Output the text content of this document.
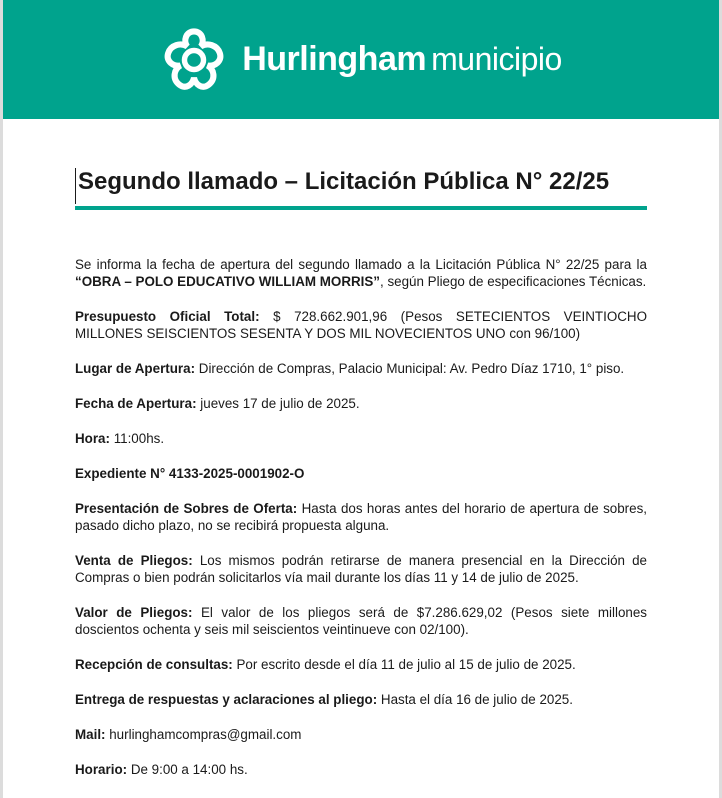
Hurlingham municipio
Segundo llamado – Licitación Pública N° 22/25

Se informa la fecha de apertura del segundo llamado a la Licitación Pública N° 22/25 para la “OBRA – POLO EDUCATIVO WILLIAM MORRIS”, según Pliego de especificaciones Técnicas.

Presupuesto Oficial Total: $ 728.662.901,96 (Pesos SETECIENTOS VEINTIOCHO MILLONES SEISCIENTOS SESENTA Y DOS MIL NOVECIENTOS UNO con 96/100)

Lugar de Apertura: Dirección de Compras, Palacio Municipal: Av. Pedro Díaz 1710, 1° piso.

Fecha de Apertura: jueves 17 de julio de 2025.

Hora: 11:00hs.

Expediente N° 4133-2025-0001902-O

Presentación de Sobres de Oferta: Hasta dos horas antes del horario de apertura de sobres, pasado dicho plazo, no se recibirá propuesta alguna.

Venta de Pliegos: Los mismos podrán retirarse de manera presencial en la Dirección de Compras o bien podrán solicitarlos vía mail durante los días 11 y 14 de julio de 2025.

Valor de Pliegos: El valor de los pliegos será de $7.286.629,02 (Pesos siete millones doscientos ochenta y seis mil seiscientos veintinueve con 02/100).

Recepción de consultas: Por escrito desde el día 11 de julio al 15 de julio de 2025.

Entrega de respuestas y aclaraciones al pliego: Hasta el día 16 de julio de 2025.

Mail: hurlinghamcompras@gmail.com

Horario: De 9:00 a 14:00 hs.
